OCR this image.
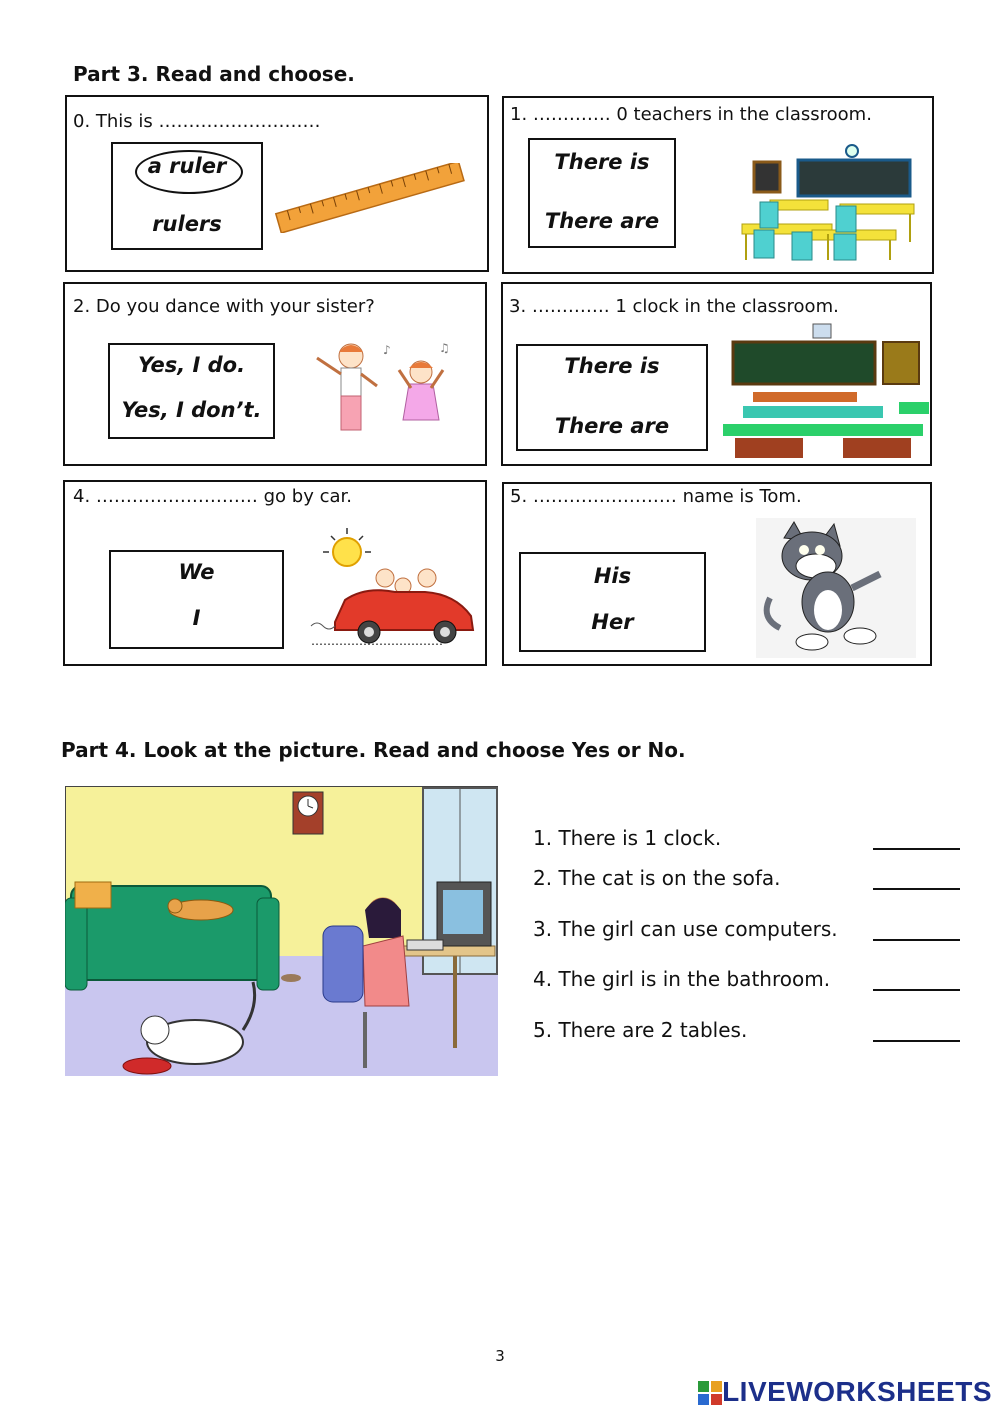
Part 3. Read and choose.
0. This is ………………………
a ruler
rulers
1. …………. 0 teachers in the classroom.
There is
There are
2. Do you dance with your sister?
Yes, I do.
Yes, I don’t.
♪	♫
3. …………. 1 clock in the classroom.
There is
There are
4. ……………………… go by car.
We
I
……………………………
5. …………………… name is Tom.
His
Her
Part 4. Look at the picture. Read and choose Yes or No.
1. There is 1 clock.
2. The cat is on the sofa.
3. The girl can use computers.
4. The girl is in the bathroom.
5. There are 2 tables.
3
LIVEWORKSHEETS
